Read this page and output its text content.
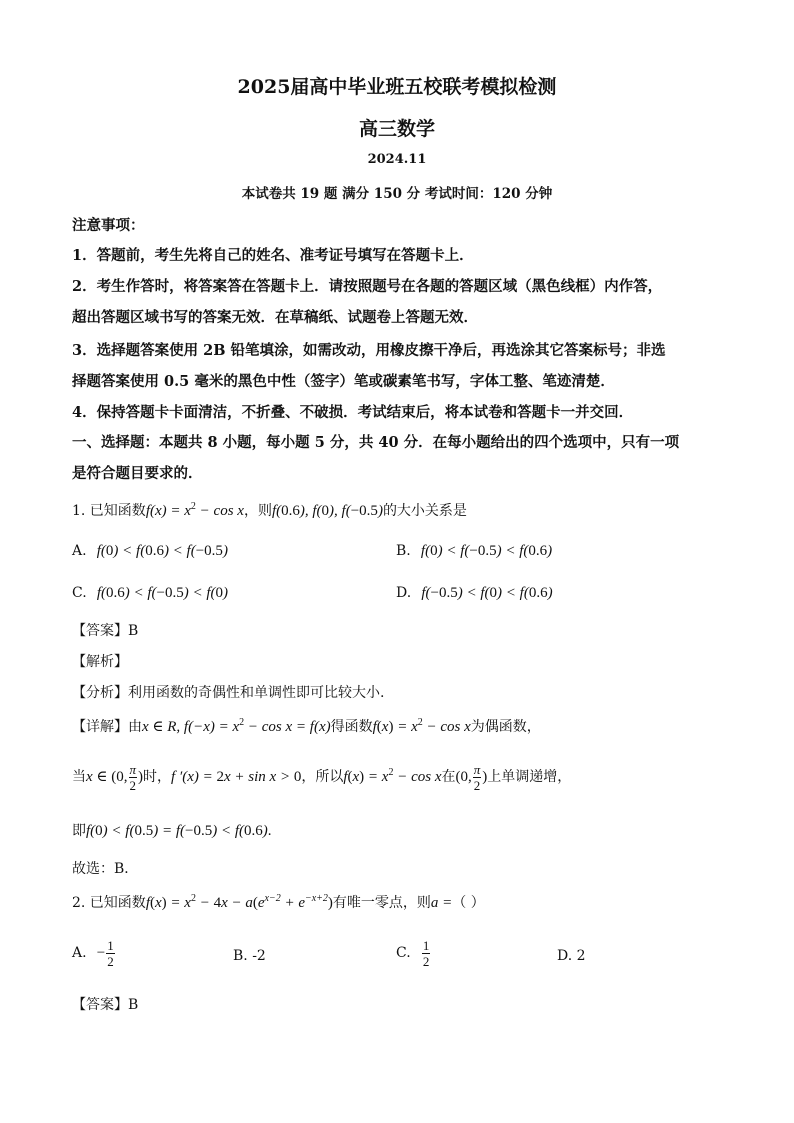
2025届高中毕业班五校联考模拟检测
高三数学
2024.11
本试卷共 19 题 满分 150 分 考试时间：120 分钟
注意事项：
1．答题前，考生先将自己的姓名、准考证号填写在答题卡上．
2．考生作答时，将答案答在答题卡上．请按照题号在各题的答题区域（黑色线框）内作答，
超出答题区域书写的答案无效．在草稿纸、试题卷上答题无效．
3．选择题答案使用 2B 铅笔填涂，如需改动，用橡皮擦干净后，再选涂其它答案标号；非选
择题答案使用 0.5 毫米的黑色中性（签字）笔或碳素笔书写，字体工整、笔迹清楚．
4．保持答题卡卡面清洁，不折叠、不破损．考试结束后，将本试卷和答题卡一并交回．
一、选择题：本题共 8 小题，每小题 5 分，共 40 分．在每小题给出的四个选项中，只有一项
是符合题目要求的．
1. 已知函数$f(x) = x^2 - \cos x$，则f(0.6), f(0), f(−0.5)的大小关系是
A. f(0) < f(0.6) < f(−0.5)	B. f(0) < f(−0.5) < f(0.6)
C. f(0.6) < f(−0.5) < f(0)	D. f(−0.5) < f(0) < f(0.6)
【答案】B
【解析】
【分析】利用函数的奇偶性和单调性即可比较大小.
【详解】由x ∈ R, $f(-x) = x^2 - \cos x = f(x)$得函数$f(x) = x^2 - \cos x$为偶函数，
当x ∈ (0, $\frac{\pi}{2}$ )时，f ′(x) = 2x + sin x > 0，所以$f(x) = x^2 - \cos x$在(0, $\frac{\pi}{2}$ )上单调递增，
即f(0) < f(0.5) = f(−0.5) < f(0.6).
故选：B．
2. 已知函数$f(x) = x^2 - 4x - a(e^{x-2} + e^{-x+2})$有唯一零点，则a =（ ）
A. − $\frac{1}{2}$	B. -2	C. $\frac{1}{2}$	D. 2
【答案】B
